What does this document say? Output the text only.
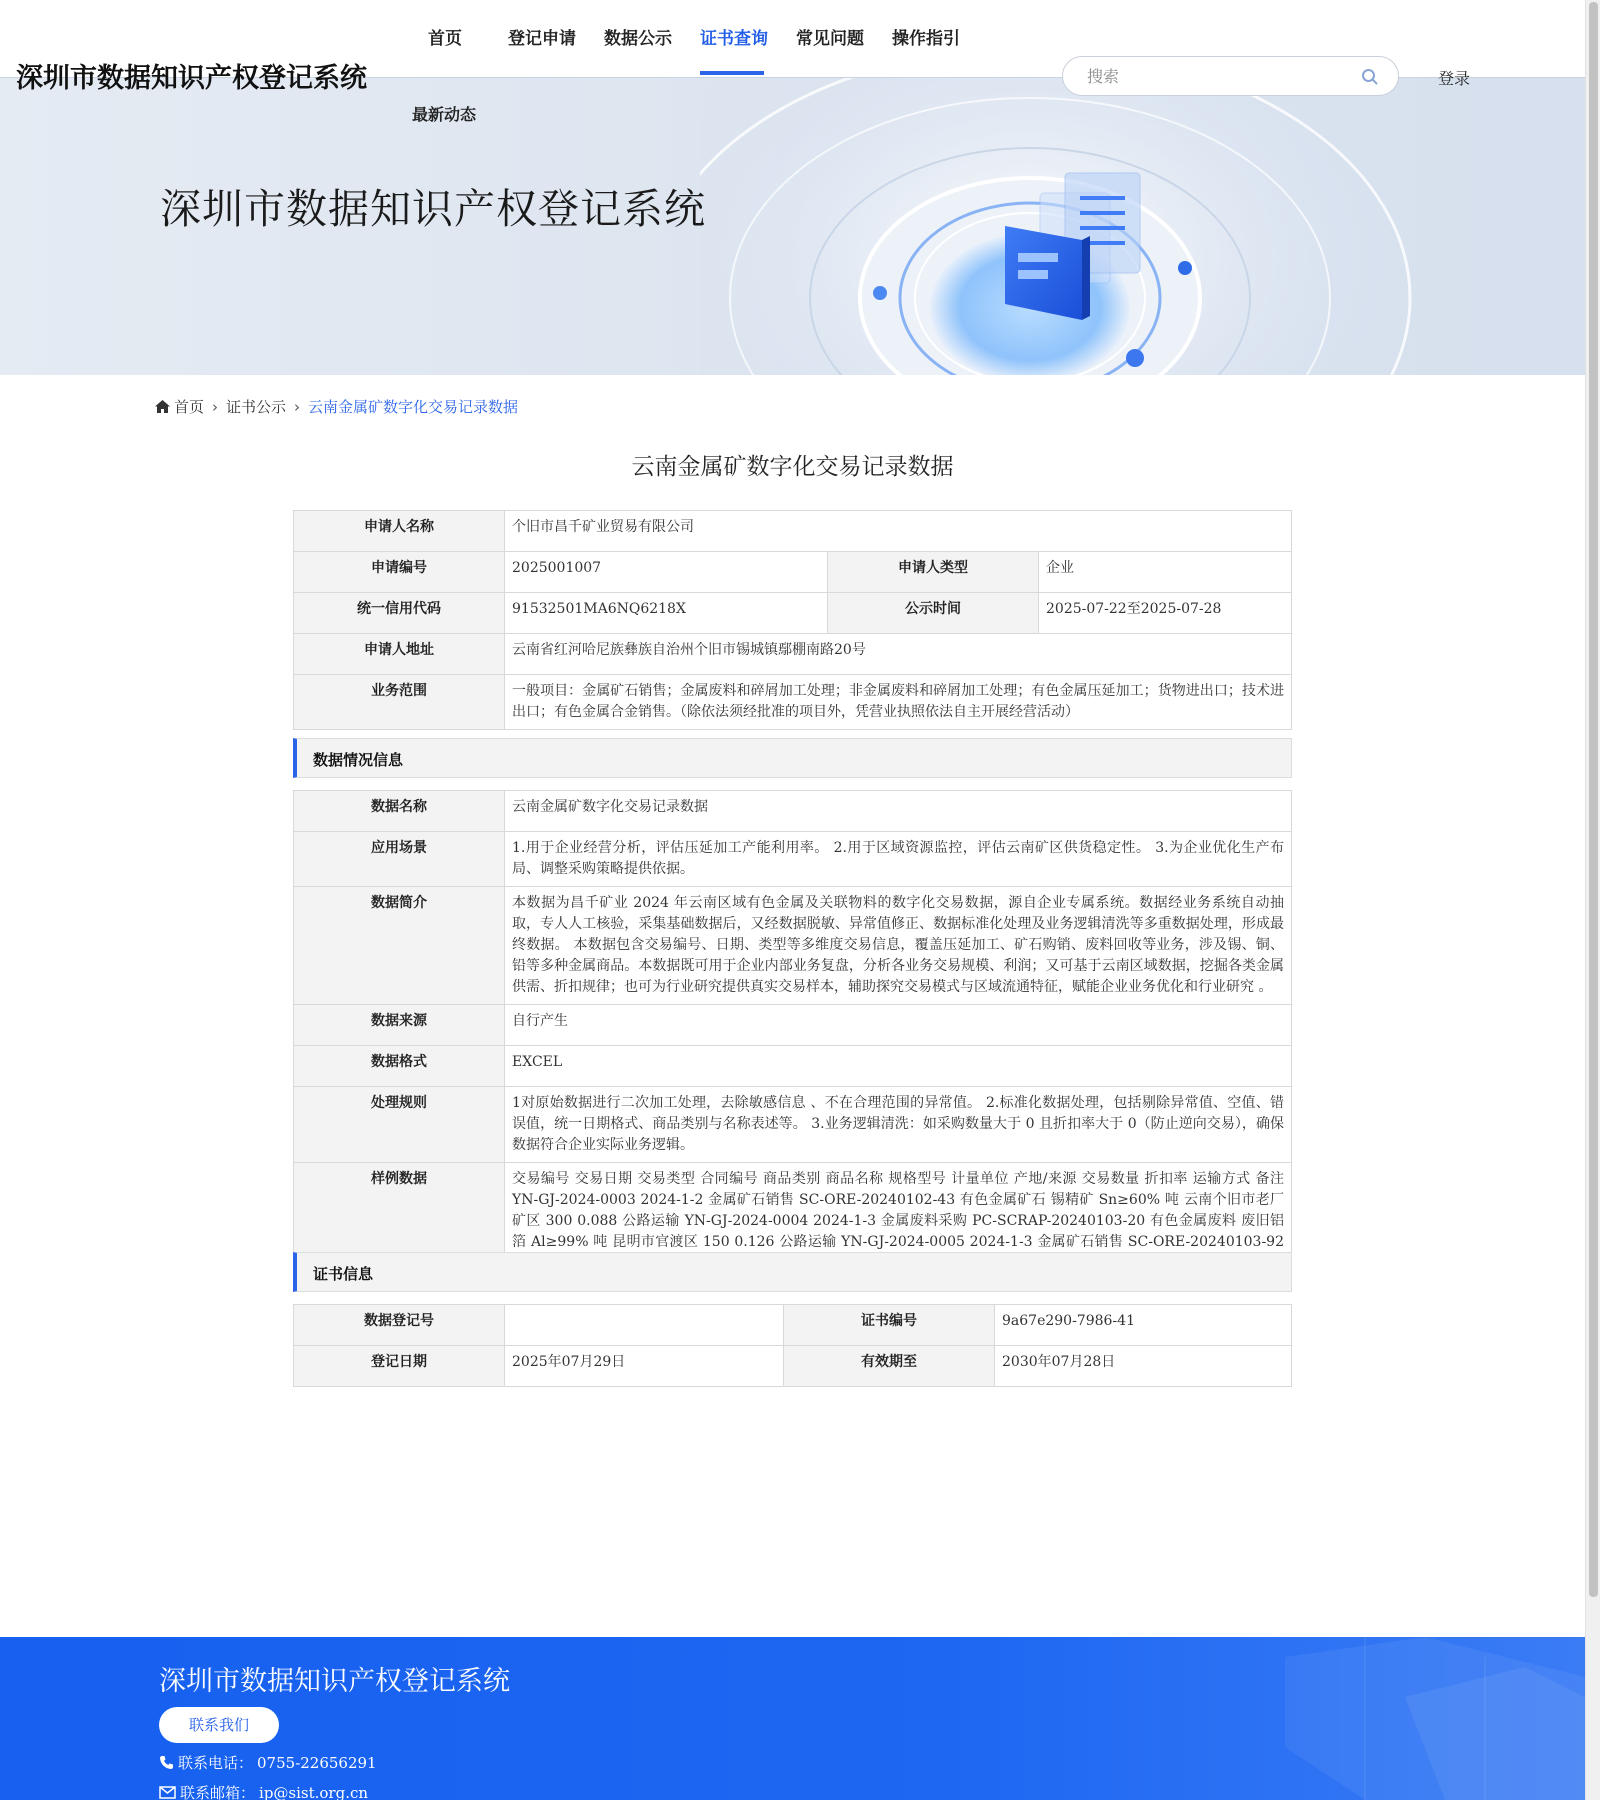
深圳市数据知识产权登记系统
首页	登记申请 数据公示 证书查询 常见问题 操作指引
最新动态
搜索
登录
深圳市数据知识产权登记系统
首页 › 证书公示 › 云南金属矿数字化交易记录数据
云南金属矿数字化交易记录数据
申请人名称	个旧市昌千矿业贸易有限公司		
申请编号	2025001007	申请人类型	企业
统一信用代码	91532501MA6NQ6218X	公示时间	2025-07-22至2025-07-28
申请人地址	云南省红河哈尼族彝族自治州个旧市锡城镇鄢棚南路20号		
业务范围	一般项目：金属矿石销售；金属废料和碎屑加工处理；非金属废料和碎屑加工处理；有色金属压延加工；货物进出口；技术进出口；有色金属合金销售。（除依法须经批准的项目外，凭营业执照依法自主开展经营活动）		
数据情况信息
数据名称	云南金属矿数字化交易记录数据
应用场景	1.用于企业经营分析，评估压延加工产能利用率。 2.用于区域资源监控，评估云南矿区供货稳定性。 3.为企业优化生产布局、调整采购策略提供依据。
数据简介	本数据为昌千矿业 2024 年云南区域有色金属及关联物料的数字化交易数据，源自企业专属系统。数据经业务系统自动抽取，专人人工核验，采集基础数据后，又经数据脱敏、异常值修正、数据标准化处理及业务逻辑清洗等多重数据处理，形成最终数据。 本数据包含交易编号、日期、类型等多维度交易信息，覆盖压延加工、矿石购销、废料回收等业务，涉及锡、铜、铅等多种金属商品。本数据既可用于企业内部业务复盘，分析各业务交易规模、利润；又可基于云南区域数据，挖掘各类金属供需、折扣规律；也可为行业研究提供真实交易样本，辅助探究交易模式与区域流通特征，赋能企业业务优化和行业研究 。
数据来源	自行产生
数据格式	EXCEL
处理规则	1对原始数据进行二次加工处理，去除敏感信息 、不在合理范围的异常值。 2.标准化数据处理，包括剔除异常值、空值、错误值，统一日期格式、商品类别与名称表述等。 3.业务逻辑清洗：如采购数量大于 0 且折扣率大于 0（防止逆向交易），确保数据符合企业实际业务逻辑。
样例数据	交易编号 交易日期 交易类型 合同编号 商品类别 商品名称 规格型号 计量单位 产地/来源 交易数量 折扣率 运输方式 备注 YN-GJ-2024-0003 2024-1-2 金属矿石销售 SC-ORE-20240102-43 有色金属矿石 锡精矿 Sn≥60% 吨 云南个旧市老厂矿区 300 0.088 公路运输 YN-GJ-2024-0004 2024-1-3 金属废料采购 PC-SCRAP-20240103-20 有色金属废料 废旧铝箔 Al≥99% 吨 昆明市官渡区 150 0.126 公路运输 YN-GJ-2024-0005 2024-1-3 金属矿石销售 SC-ORE-20240103-92
证书信息
数据登记号		证书编号	9a67e290-7986-41
登记日期	2025年07月29日	有效期至	2030年07月28日
深圳市数据知识产权登记系统
联系我们
联系电话： 0755-22656291
联系邮箱： ip@sist.org.cn
